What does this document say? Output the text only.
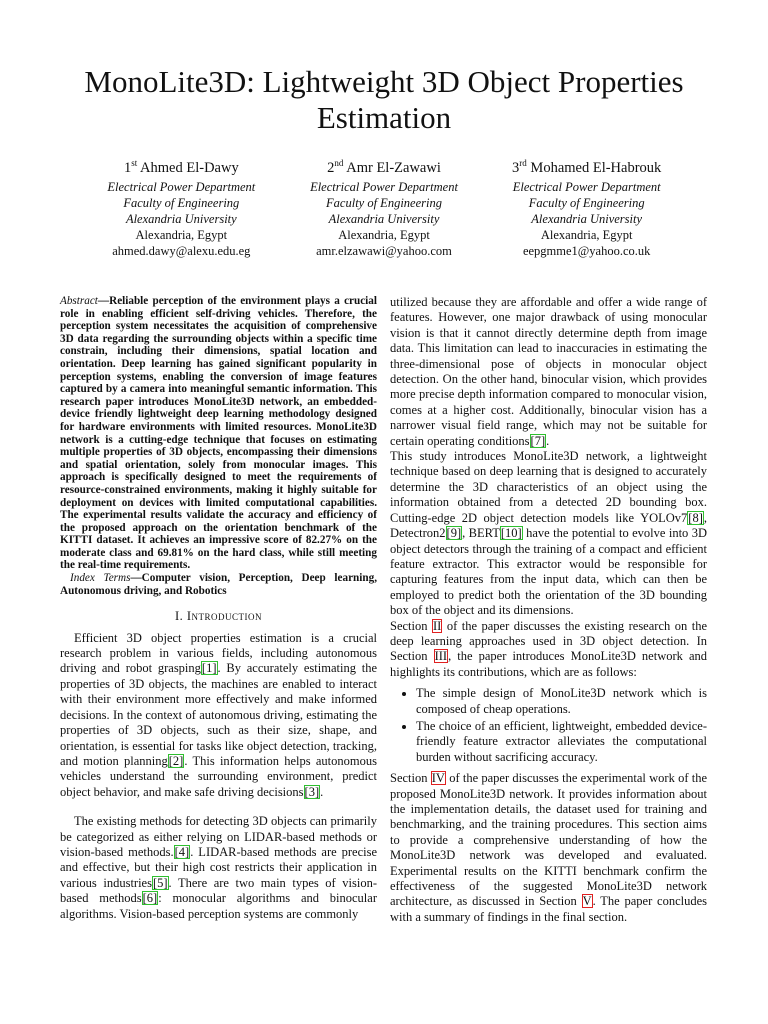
MonoLite3D: Lightweight 3D Object Properties Estimation
1st Ahmed El-Dawy
Electrical Power Department
Faculty of Engineering
Alexandria University
Alexandria, Egypt
ahmed.dawy@alexu.edu.eg
2nd Amr El-Zawawi
Electrical Power Department
Faculty of Engineering
Alexandria University
Alexandria, Egypt
amr.elzawawi@yahoo.com
3rd Mohamed El-Habrouk
Electrical Power Department
Faculty of Engineering
Alexandria University
Alexandria, Egypt
eepgmme1@yahoo.co.uk

Abstract—Reliable perception of the environment plays a crucial role in enabling efficient self-driving vehicles. Therefore, the perception system necessitates the acquisition of comprehensive 3D data regarding the surrounding objects within a specific time constrain, including their dimensions, spatial location and orientation. Deep learning has gained significant popularity in perception systems, enabling the conversion of image features captured by a camera into meaningful semantic information. This research paper introduces MonoLite3D network, an embedded-device friendly lightweight deep learning methodology designed for hardware environments with limited resources. MonoLite3D network is a cutting-edge technique that focuses on estimating multiple properties of 3D objects, encompassing their dimensions and spatial orientation, solely from monocular images. This approach is specifically designed to meet the requirements of resource-constrained environments, making it highly suitable for deployment on devices with limited computational capabilities. The experimental results validate the accuracy and efficiency of the proposed approach on the orientation benchmark of the KITTI dataset. It achieves an impressive score of 82.27% on the moderate class and 69.81% on the hard class, while still meeting the real-time requirements.

Index Terms—Computer vision, Perception, Deep learning, Autonomous driving, and Robotics

I. Introduction

Efficient 3D object properties estimation is a crucial research problem in various fields, including autonomous driving and robot grasping[1]. By accurately estimating the properties of 3D objects, the machines are enabled to interact with their environment more effectively and make informed decisions. In the context of autonomous driving, estimating the properties of 3D objects, such as their size, shape, and orientation, is essential for tasks like object detection, tracking, and motion planning[2]. This information helps autonomous vehicles understand the surrounding environment, predict object behavior, and make safe driving decisions[3].

The existing methods for detecting 3D objects can primarily be categorized as either relying on LIDAR-based methods or vision-based methods.[4]. LIDAR-based methods are precise and effective, but their high cost restricts their application in various industries[5]. There are two main types of vision-based methods[6]: monocular algorithms and binocular algorithms. Vision-based perception systems are commonly

utilized because they are affordable and offer a wide range of features. However, one major drawback of using monocular vision is that it cannot directly determine depth from image data. This limitation can lead to inaccuracies in estimating the three-dimensional pose of objects in monocular object detection. On the other hand, binocular vision, which provides more precise depth information compared to monocular vision, comes at a higher cost. Additionally, binocular vision has a narrower visual field range, which may not be suitable for certain operating conditions[7].

This study introduces MonoLite3D network, a lightweight technique based on deep learning that is designed to accurately determine the 3D characteristics of an object using the information obtained from a detected 2D bounding box. Cutting-edge 2D object detection models like YOLOv7[8], Detectron2[9], BERT[10] have the potential to evolve into 3D object detectors through the training of a compact and efficient feature extractor. This extractor would be responsible for capturing features from the input data, which can then be employed to predict both the orientation of the 3D bounding box of the object and its dimensions.

Section II of the paper discusses the existing research on the deep learning approaches used in 3D object detection. In Section III, the paper introduces MonoLite3D network and highlights its contributions, which are as follows:

• The simple design of MonoLite3D network which is composed of cheap operations.
• The choice of an efficient, lightweight, embedded device-friendly feature extractor alleviates the computational burden without sacrificing accuracy.

Section IV of the paper discusses the experimental work of the proposed MonoLite3D network. It provides information about the implementation details, the dataset used for training and benchmarking, and the training procedures. This section aims to provide a comprehensive understanding of how the MonoLite3D network was developed and evaluated. Experimental results on the KITTI benchmark confirm the effectiveness of the suggested MonoLite3D network architecture, as discussed in Section V. The paper concludes with a summary of findings in the final section.
